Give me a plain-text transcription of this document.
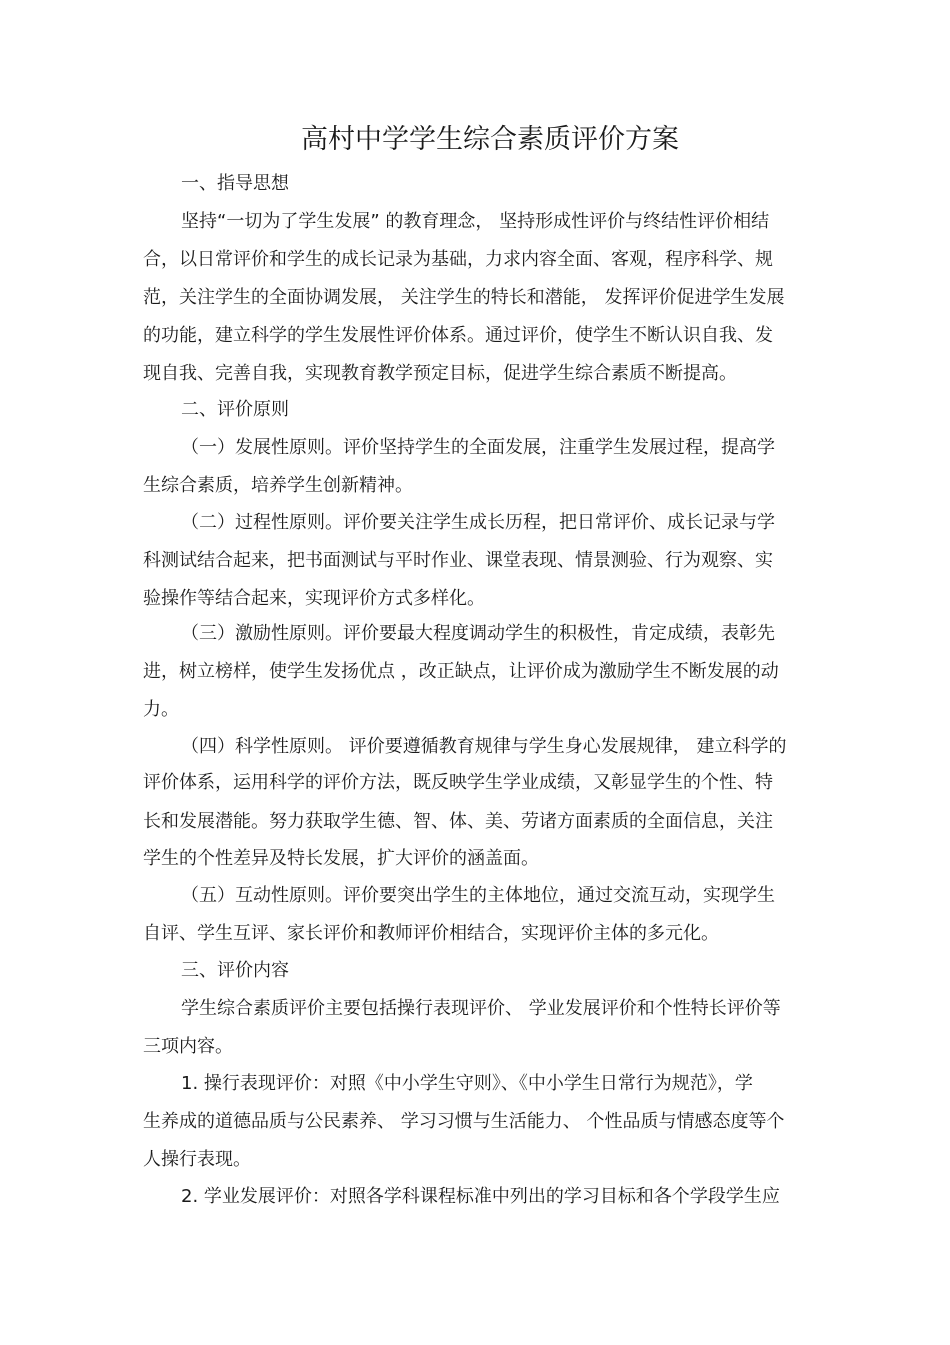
高村中学学生综合素质评价方案
一、指导思想
坚持“一切为了学生发展” 的教育理念， 坚持形成性评价与终结性评价相结
合，以日常评价和学生的成长记录为基础，力求内容全面、客观，程序科学、规
范，关注学生的全面协调发展， 关注学生的特长和潜能， 发挥评价促进学生发展
的功能，建立科学的学生发展性评价体系。通过评价，使学生不断认识自我、发
现自我、完善自我，实现教育教学预定目标，促进学生综合素质不断提高。
二、评价原则
（一）发展性原则。评价坚持学生的全面发展，注重学生发展过程，提高学
生综合素质，培养学生创新精神。
（二）过程性原则。评价要关注学生成长历程，把日常评价、成长记录与学
科测试结合起来，把书面测试与平时作业、课堂表现、情景测验、行为观察、实
验操作等结合起来，实现评价方式多样化。
（三）激励性原则。评价要最大程度调动学生的积极性，肯定成绩，表彰先
进，树立榜样，使学生发扬优点 ，改正缺点，让评价成为激励学生不断发展的动
力。
（四）科学性原则。 评价要遵循教育规律与学生身心发展规律， 建立科学的
评价体系，运用科学的评价方法，既反映学生学业成绩，又彰显学生的个性、特
长和发展潜能。努力获取学生德、智、体、美、劳诸方面素质的全面信息，关注
学生的个性差异及特长发展，扩大评价的涵盖面。
（五）互动性原则。评价要突出学生的主体地位，通过交流互动，实现学生
自评、学生互评、家长评价和教师评价相结合，实现评价主体的多元化。
三、评价内容
学生综合素质评价主要包括操行表现评价、 学业发展评价和个性特长评价等
三项内容。
1. 操行表现评价：对照《中小学生守则》、《中小学生日常行为规范》，学
生养成的道德品质与公民素养、 学习习惯与生活能力、 个性品质与情感态度等个
人操行表现。
2. 学业发展评价：对照各学科课程标准中列出的学习目标和各个学段学生应
